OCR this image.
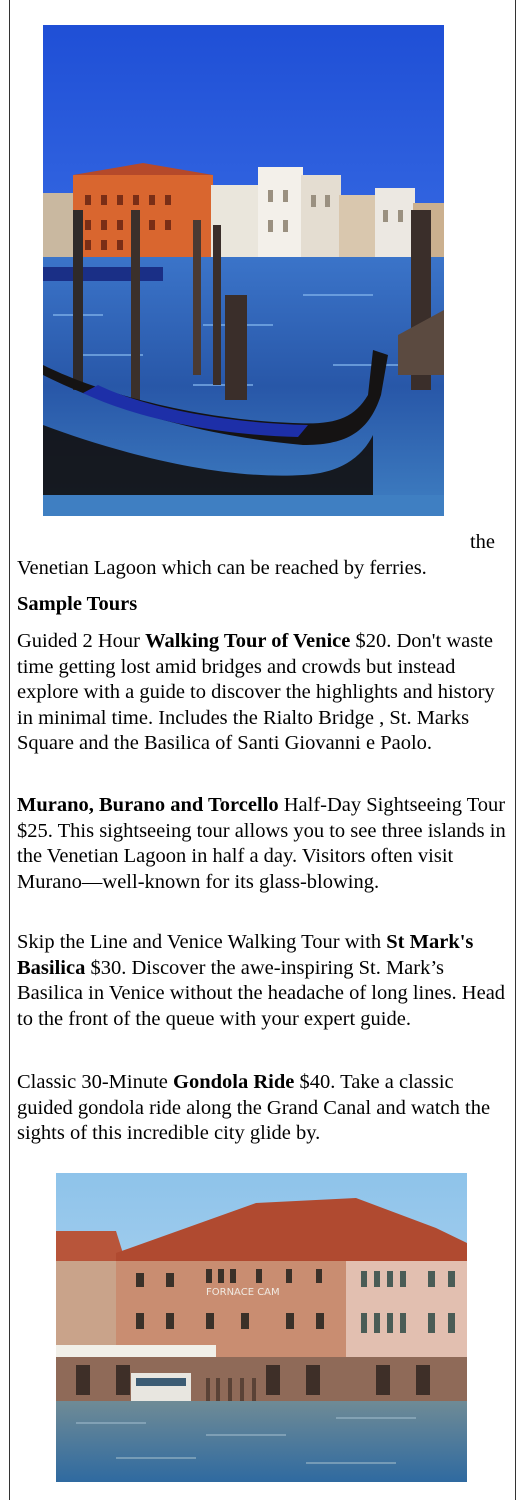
the
Venetian Lagoon which can be reached by ferries.
Sample Tours
Guided 2 Hour Walking Tour of Venice $20. Don't waste time getting lost amid bridges and crowds but instead explore with a guide to discover the highlights and history in minimal time. Includes the Rialto Bridge , St. Marks Square and the Basilica of Santi Giovanni e Paolo.
Murano, Burano and Torcello Half-Day Sightseeing Tour $25. This sightseeing tour allows you to see three islands in the Venetian Lagoon in half a day. Visitors often visit Murano—well-known for its glass-blowing.
Skip the Line and Venice Walking Tour with St Mark's Basilica $30. Discover the awe-inspiring St. Mark’s Basilica in Venice without the headache of long lines. Head to the front of the queue with your expert guide.
Classic 30-Minute Gondola Ride $40. Take a classic guided gondola ride along the Grand Canal and watch the sights of this incredible city glide by.
FORNACE CAM
